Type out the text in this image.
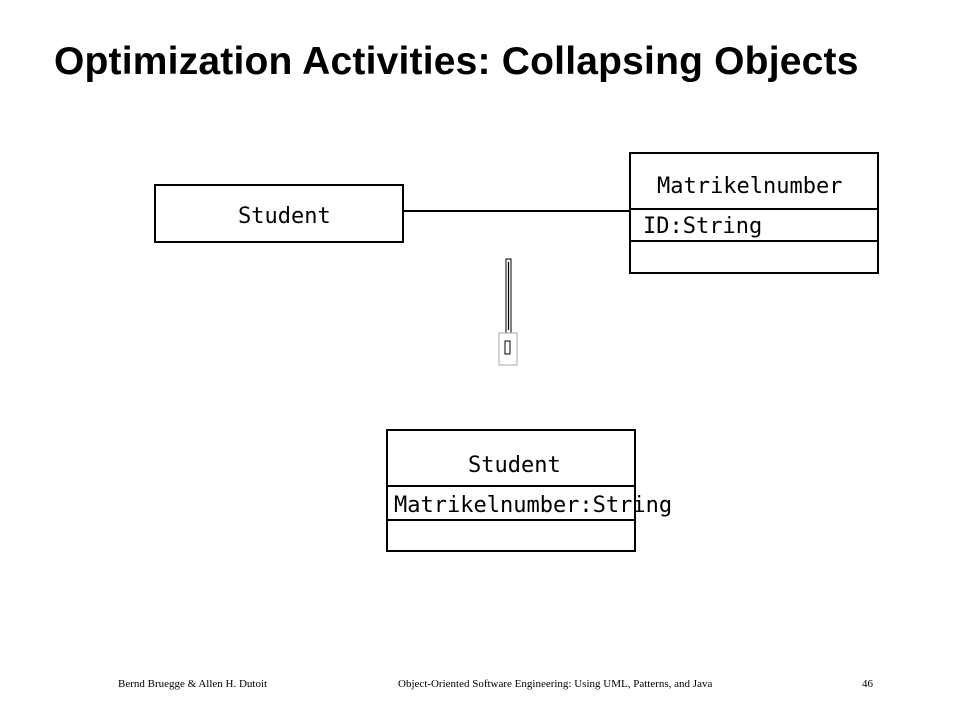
Optimization Activities: Collapsing Objects
Student
Matrikelnumber
ID:String
Student
Matrikelnumber:String
Bernd Bruegge & Allen H. Dutoit	Object-Oriented Software Engineering: Using UML, Patterns, and Java	46
